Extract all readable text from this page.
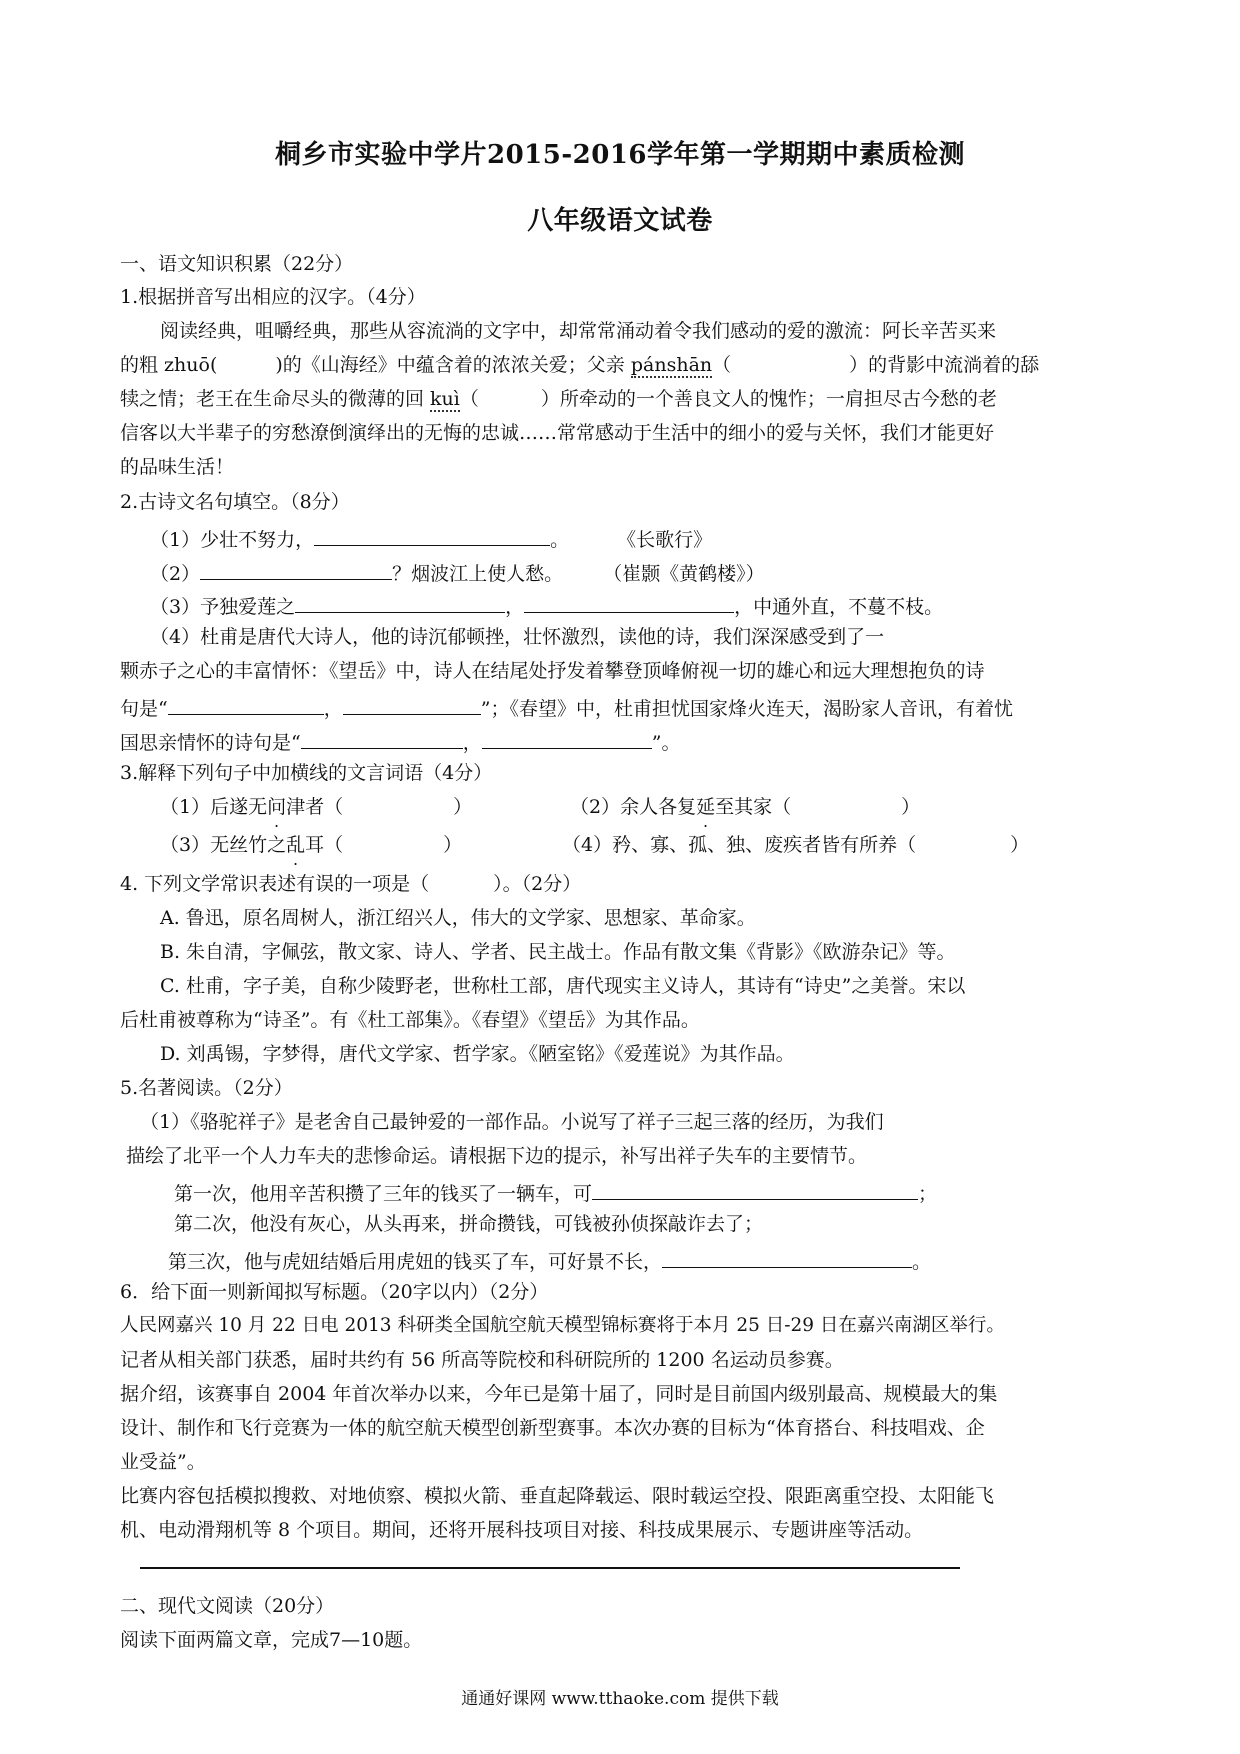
桐乡市实验中学片2015-2016学年第一学期期中素质检测
八年级语文试卷
一、语文知识积累（22分）
1.根据拼音写出相应的汉字。（4分）
阅读经典，咀嚼经典，那些从容流淌的文字中，却常常涌动着令我们感动的爱的激流：阿长辛苦买来
的粗 zhuō(	)的《山海经》中蕴含着的浓浓关爱；父亲 pánshān（	）的背影中流淌着的舔
犊之情；老王在生命尽头的微薄的回 kuì（	）所牵动的一个善良文人的愧怍；一肩担尽古今愁的老
信客以大半辈子的穷愁潦倒演绎出的无悔的忠诚……常常感动于生活中的细小的爱与关怀，我们才能更好
的品味生活！
2.古诗文名句填空。（8分）
（1）少壮不努力，	。	《长歌行》
（2）	？烟波江上使人愁。 （崔颢《黄鹤楼》）
（3）予独爱莲之	，	，中通外直，不蔓不枝。
（4）杜甫是唐代大诗人，他的诗沉郁顿挫，壮怀激烈，读他的诗，我们深深感受到了一
颗赤子之心的丰富情怀：《望岳》中，诗人在结尾处抒发着攀登顶峰俯视一切的雄心和远大理想抱负的诗
句是“	，	”；《春望》中，杜甫担忧国家烽火连天，渴盼家人音讯，有着忧
国思亲情怀的诗句是“	，	”。
3.解释下列句子中加横线的文言词语（4分）
（1）后遂无问津者（	）	（2）余人各复延至其家（	）
（3）无丝竹之乱耳（	）	（4）矜、寡、孤、独、废疾者皆有所养（	）
4. 下列文学常识表述有误的一项是（	）。（2分）
A. 鲁迅，原名周树人，浙江绍兴人，伟大的文学家、思想家、革命家。
B. 朱自清，字佩弦，散文家、诗人、学者、民主战士。作品有散文集《背影》《欧游杂记》等。
C. 杜甫，字子美，自称少陵野老，世称杜工部，唐代现实主义诗人，其诗有“诗史”之美誉。宋以
后杜甫被尊称为“诗圣”。有《杜工部集》。《春望》《望岳》为其作品。
D. 刘禹锡，字梦得，唐代文学家、哲学家。《陋室铭》《爱莲说》为其作品。
5.名著阅读。（2分）
（1）《骆驼祥子》是老舍自己最钟爱的一部作品。小说写了祥子三起三落的经历，为我们
描绘了北平一个人力车夫的悲惨命运。请根据下边的提示，补写出祥子失车的主要情节。
第一次，他用辛苦积攒了三年的钱买了一辆车，可	；
第二次，他没有灰心，从头再来，拼命攒钱，可钱被孙侦探敲诈去了；
第三次，他与虎妞结婚后用虎妞的钱买了车，可好景不长，	。
6．给下面一则新闻拟写标题。（20字以内）（2分）
人民网嘉兴 10 月 22 日电 2013 科研类全国航空航天模型锦标赛将于本月 25 日-29 日在嘉兴南湖区举行。
记者从相关部门获悉，届时共约有 56 所高等院校和科研院所的 1200 名运动员参赛。
据介绍，该赛事自 2004 年首次举办以来，今年已是第十届了，同时是目前国内级别最高、规模最大的集
设计、制作和飞行竞赛为一体的航空航天模型创新型赛事。本次办赛的目标为“体育搭台、科技唱戏、企
业受益”。
比赛内容包括模拟搜救、对地侦察、模拟火箭、垂直起降载运、限时载运空投、限距离重空投、太阳能飞
机、电动滑翔机等 8 个项目。期间，还将开展科技项目对接、科技成果展示、专题讲座等活动。
二、现代文阅读（20分）
阅读下面两篇文章，完成7—10题。
通通好课网 www.tthaoke.com 提供下载
